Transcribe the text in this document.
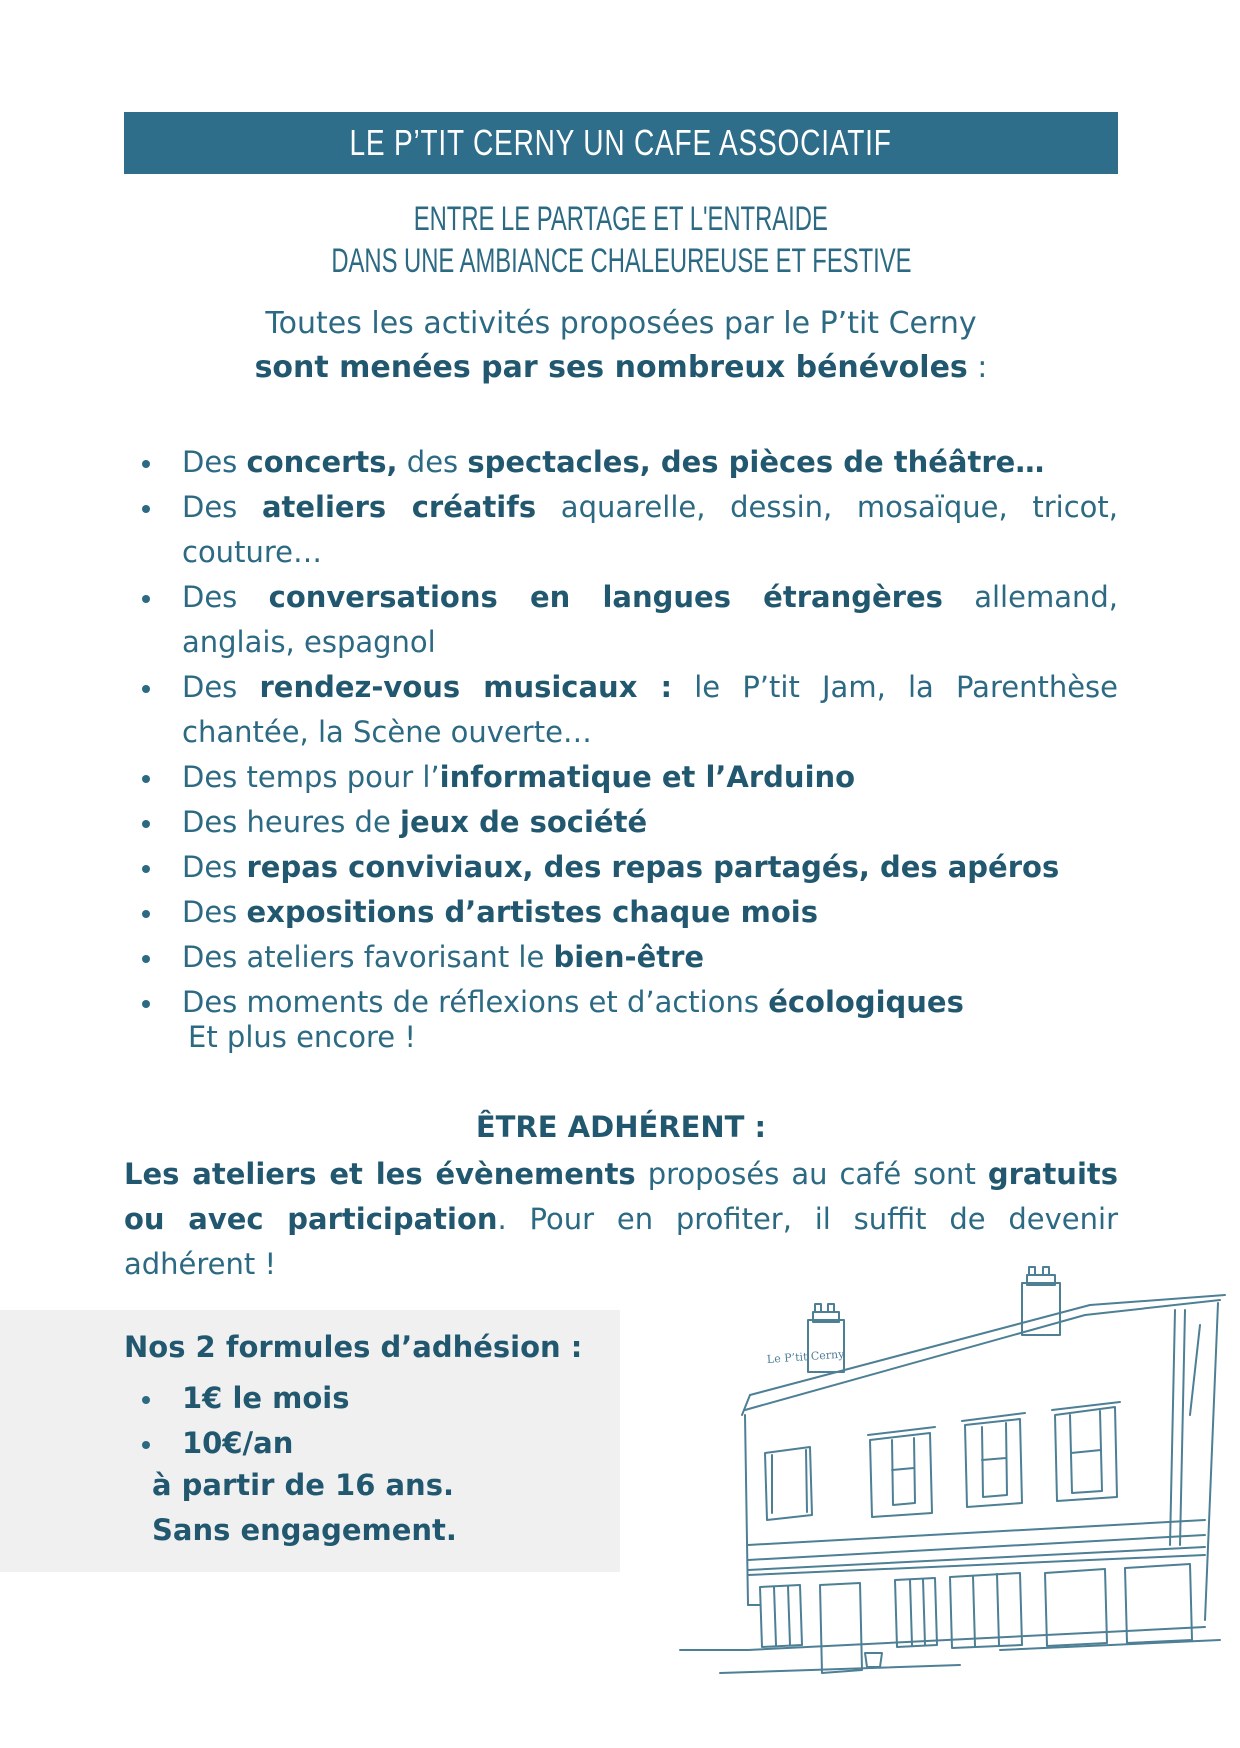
LE P’TIT CERNY UN CAFE ASSOCIATIF
ENTRE LE PARTAGE ET L'ENTRAIDE
DANS UNE AMBIANCE CHALEUREUSE ET FESTIVE
Toutes les activités proposées par le P’tit Cerny
sont menées par ses nombreux bénévoles :
Des concerts, des spectacles, des pièces de théâtre…
Des ateliers créatifs aquarelle, dessin, mosaïque, tricot, couture…
Des conversations en langues étrangères allemand, anglais, espagnol
Des rendez-vous musicaux : le P’tit Jam, la Parenthèse chantée, la Scène ouverte…
Des temps pour l’informatique et l’Arduino
Des heures de jeux de société
Des repas conviviaux, des repas partagés, des apéros
Des expositions d’artistes chaque mois
Des ateliers favorisant le bien-être
Des moments de réflexions et d’actions écologiques
Et plus encore !
ÊTRE ADHÉRENT :
Les ateliers et les évènements proposés au café sont gratuits ou avec participation. Pour en profiter, il suffit de devenir adhérent !
Nos 2 formules d’adhésion :
1€ le mois
10€/an
à partir de 16 ans.
Sans engagement.
Le P’tit Cerny
